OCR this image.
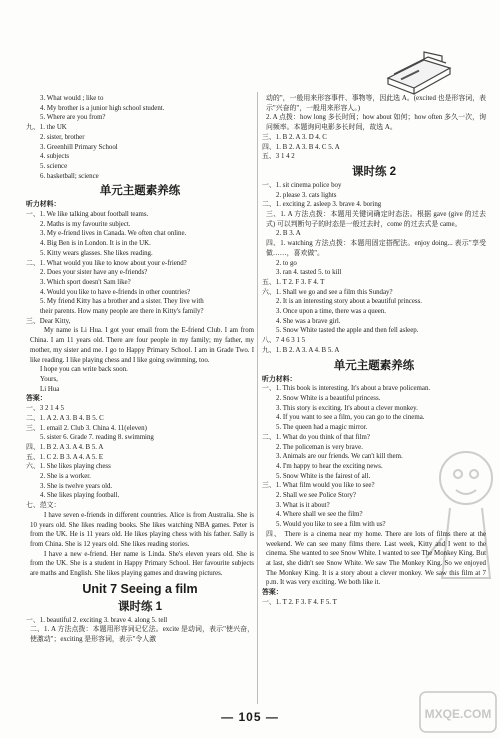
3. What would ; like to
4. My brother is a junior high school student.
5. Where are you from?
九、1. the UK
2. sister, brother
3. Greenhill Primary School
4. subjects
5. science
6. basketball; science
单元主题素养练
听力材料：
一、1. We like talking about football teams.
2. Maths is my favourite subject.
3. My e-friend lives in Canada. We often chat online.
4. Big Ben is in London. It is in the UK.
5. Kitty wears glasses. She likes reading.
二、1. What would you like to know about your e-friend?
2. Does your sister have any e-friends?
3. Which sport doesn't Sam like?
4. Would you like to have e-friends in other countries?
5. My friend Kitty has a brother and a sister. They live with
their parents. How many people are there in Kitty's family?
三、Dear Kitty,
My name is Li Hua. I got your email from the E-friend Club. I am from China. I am 11 years old. There are four people in my family; my father, my mother, my sister and me. I go to Happy Primary School. I am in Grade Two. I like reading. I like playing chess and I like going swimming, too.
I hope you can write back soon.
Yours,
Li Hua
答案：
一、3 2 1 4 5
二、1. A 2. A 3. B 4. B 5. C
三、1. email 2. Club 3. China 4. 11(eleven)
5. sister 6. Grade 7. reading 8. swimming
四、1. B 2. A 3. A 4. B 5. A
五、1. C 2. B 3. A 4. A 5. E
六、1. She likes playing chess
2. She is a worker.
3. She is twelve years old.
4. She likes playing football.
七、范文：
I have seven e-friends in different countries. Alice is from Australia. She is 10 years old. She likes reading books. She likes watching NBA games. Peter is from the UK. He is 11 years old. He likes playing chess with his father. Sally is from China. She is 12 years old. She likes reading stories.
I have a new e-friend. Her name is Linda. She's eleven years old. She is from the UK. She is a student in Happy Primary School. Her favourite subjects are maths and English. She likes playing games and drawing pictures.
Unit 7 Seeing a film
课时练 1
一、1. beautiful 2. exciting 3. brave 4. along 5. tell
二、1. A 方法点拨：本题用形容词记忆法。excite 是动词，表示"使兴奋，使激动"；exciting 是形容词，表示"令人激
动的"，一般用来形容事件、事物等，因此选 A。(excited 也是形容词，表示"兴奋的"，一般用来形容人。)
2. A 点拨：how long 多长时间；how about 如何；how often 多久一次，询问频率。本题询问电影多长时间，故选 A。
三、1. B 2. A 3. D 4. C
四、1. B 2. A 3. B 4. C 5. A
五、3 1 4 2
课时练 2
一、1. sit cinema police boy
2. please 3. cats lights
二、1. exciting 2. asleep 3. brave 4. boring
三、1. A 方法点拨：本题用关键词确定时态法。根据 gave (give 的过去式) 可以判断句子的时态是一般过去时，come 的过去式是 came。
2. B 3. A
四、1. watching 方法点拨：本题用固定搭配法。enjoy doing... 表示"享受做……，喜欢做"。
2. to go
3. ran 4. tasted 5. to kill
五、1. T 2. F 3. F 4. T
六、1. Shall we go and see a film this Sunday?
2. It is an interesting story about a beautiful princess.
3. Once upon a time, there was a queen.
4. She was a brave girl.
5. Snow White tasted the apple and then fell asleep.
八、7 4 6 3 1 5
九、1. B 2. A 3. A 4. B 5. A
单元主题素养练
听力材料：
一、1. This book is interesting. It's about a brave policeman.
2. Snow White is a beautiful princess.
3. This story is exciting. It's about a clever monkey.
4. If you want to see a film, you can go to the cinema.
5. The queen had a magic mirror.
二、1. What do you think of that film?
2. The policeman is very brave.
3. Animals are our friends. We can't kill them.
4. I'm happy to hear the exciting news.
5. Snow White is the fairest of all.
三、1. What film would you like to see?
2. Shall we see Police Story?
3. What is it about?
4. Where shall we see the film?
5. Would you like to see a film with us?
四、 There is a cinema near my home. There are lots of films there at the weekend. We can see many films there. Last week, Kitty and I went to the cinema. She wanted to see Snow White. I wanted to see The Monkey King. But at last, she didn't see Snow White. We saw The Monkey King. So we enjoyed The Monkey King. It is a story about a clever monkey. We saw this film at 7 p.m. It was very exciting. We both like it.
答案：
一、1. T 2. F 3. F 4. F 5. T
— 105 —	MXQE.COM
